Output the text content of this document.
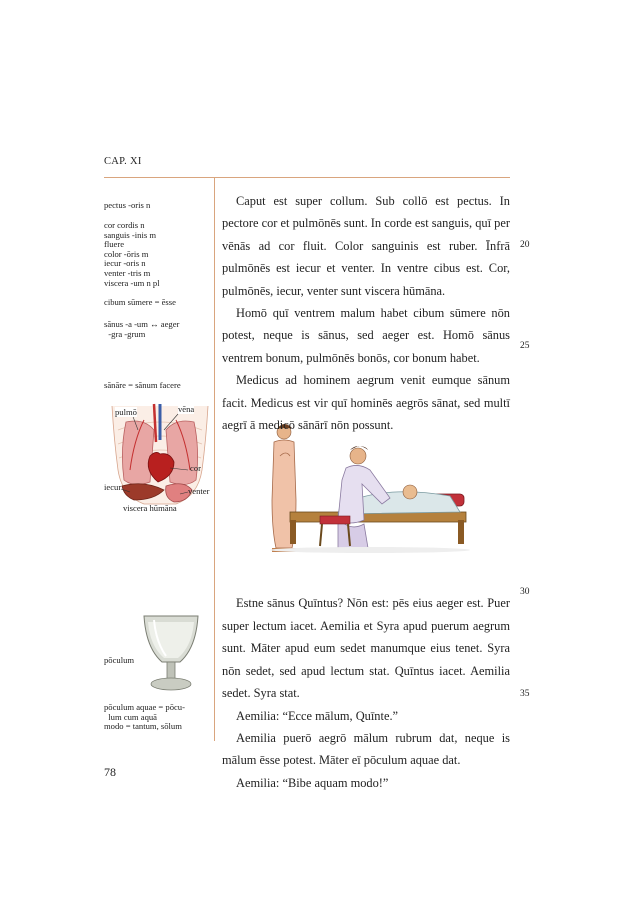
CAP. XI
pectus -oris n
cor cordis n
sanguis -inis m
fluere
color -ōris m
iecur -oris n
venter -tris m
viscera -um n pl
cibum sūmere = ēsse
sānus -a -um ↔ aeger
-gra -grum
sānāre = sānum facere
pōculum aquae = pōcu-
lum cum aquā
modo = tantum, sōlum
pulmō	vēna
cor
iecur	venter
viscera hūmāna
pōculum

Caput est super collum. Sub collō est pectus. In pectore cor et pulmōnēs sunt. In corde est sanguis, quī per vēnās ad cor fluit. Color sanguinis est ruber. Īnfrā pulmōnēs est iecur et venter. In ventre cibus est. Cor, pulmōnēs, iecur, venter sunt viscera hūmāna.

Homō quī ventrem malum habet cibum sūmere nōn potest, neque is sānus, sed aeger est. Homō sānus ventrem bonum, pulmōnēs bonōs, cor bonum habet.

Medicus ad hominem aegrum venit eumque sānum facit. Medicus est vir quī hominēs aegrōs sānat, sed multī aegrī ā medicō sānārī nōn possunt.

Estne sānus Quīntus? Nōn est: pēs eius aeger est. Puer super lectum iacet. Aemilia et Syra apud puerum aegrum sunt. Māter apud eum sedet manumque eius tenet. Syra nōn sedet, sed apud lectum stat. Quīntus iacet. Aemilia sedet. Syra stat.

Aemilia: “Ecce mālum, Quīnte.”

Aemilia puerō aegrō mālum rubrum dat, neque is mālum ēsse potest. Māter eī pōculum aquae dat.

Aemilia: “Bibe aquam modo!”

20
25
30
35
78
